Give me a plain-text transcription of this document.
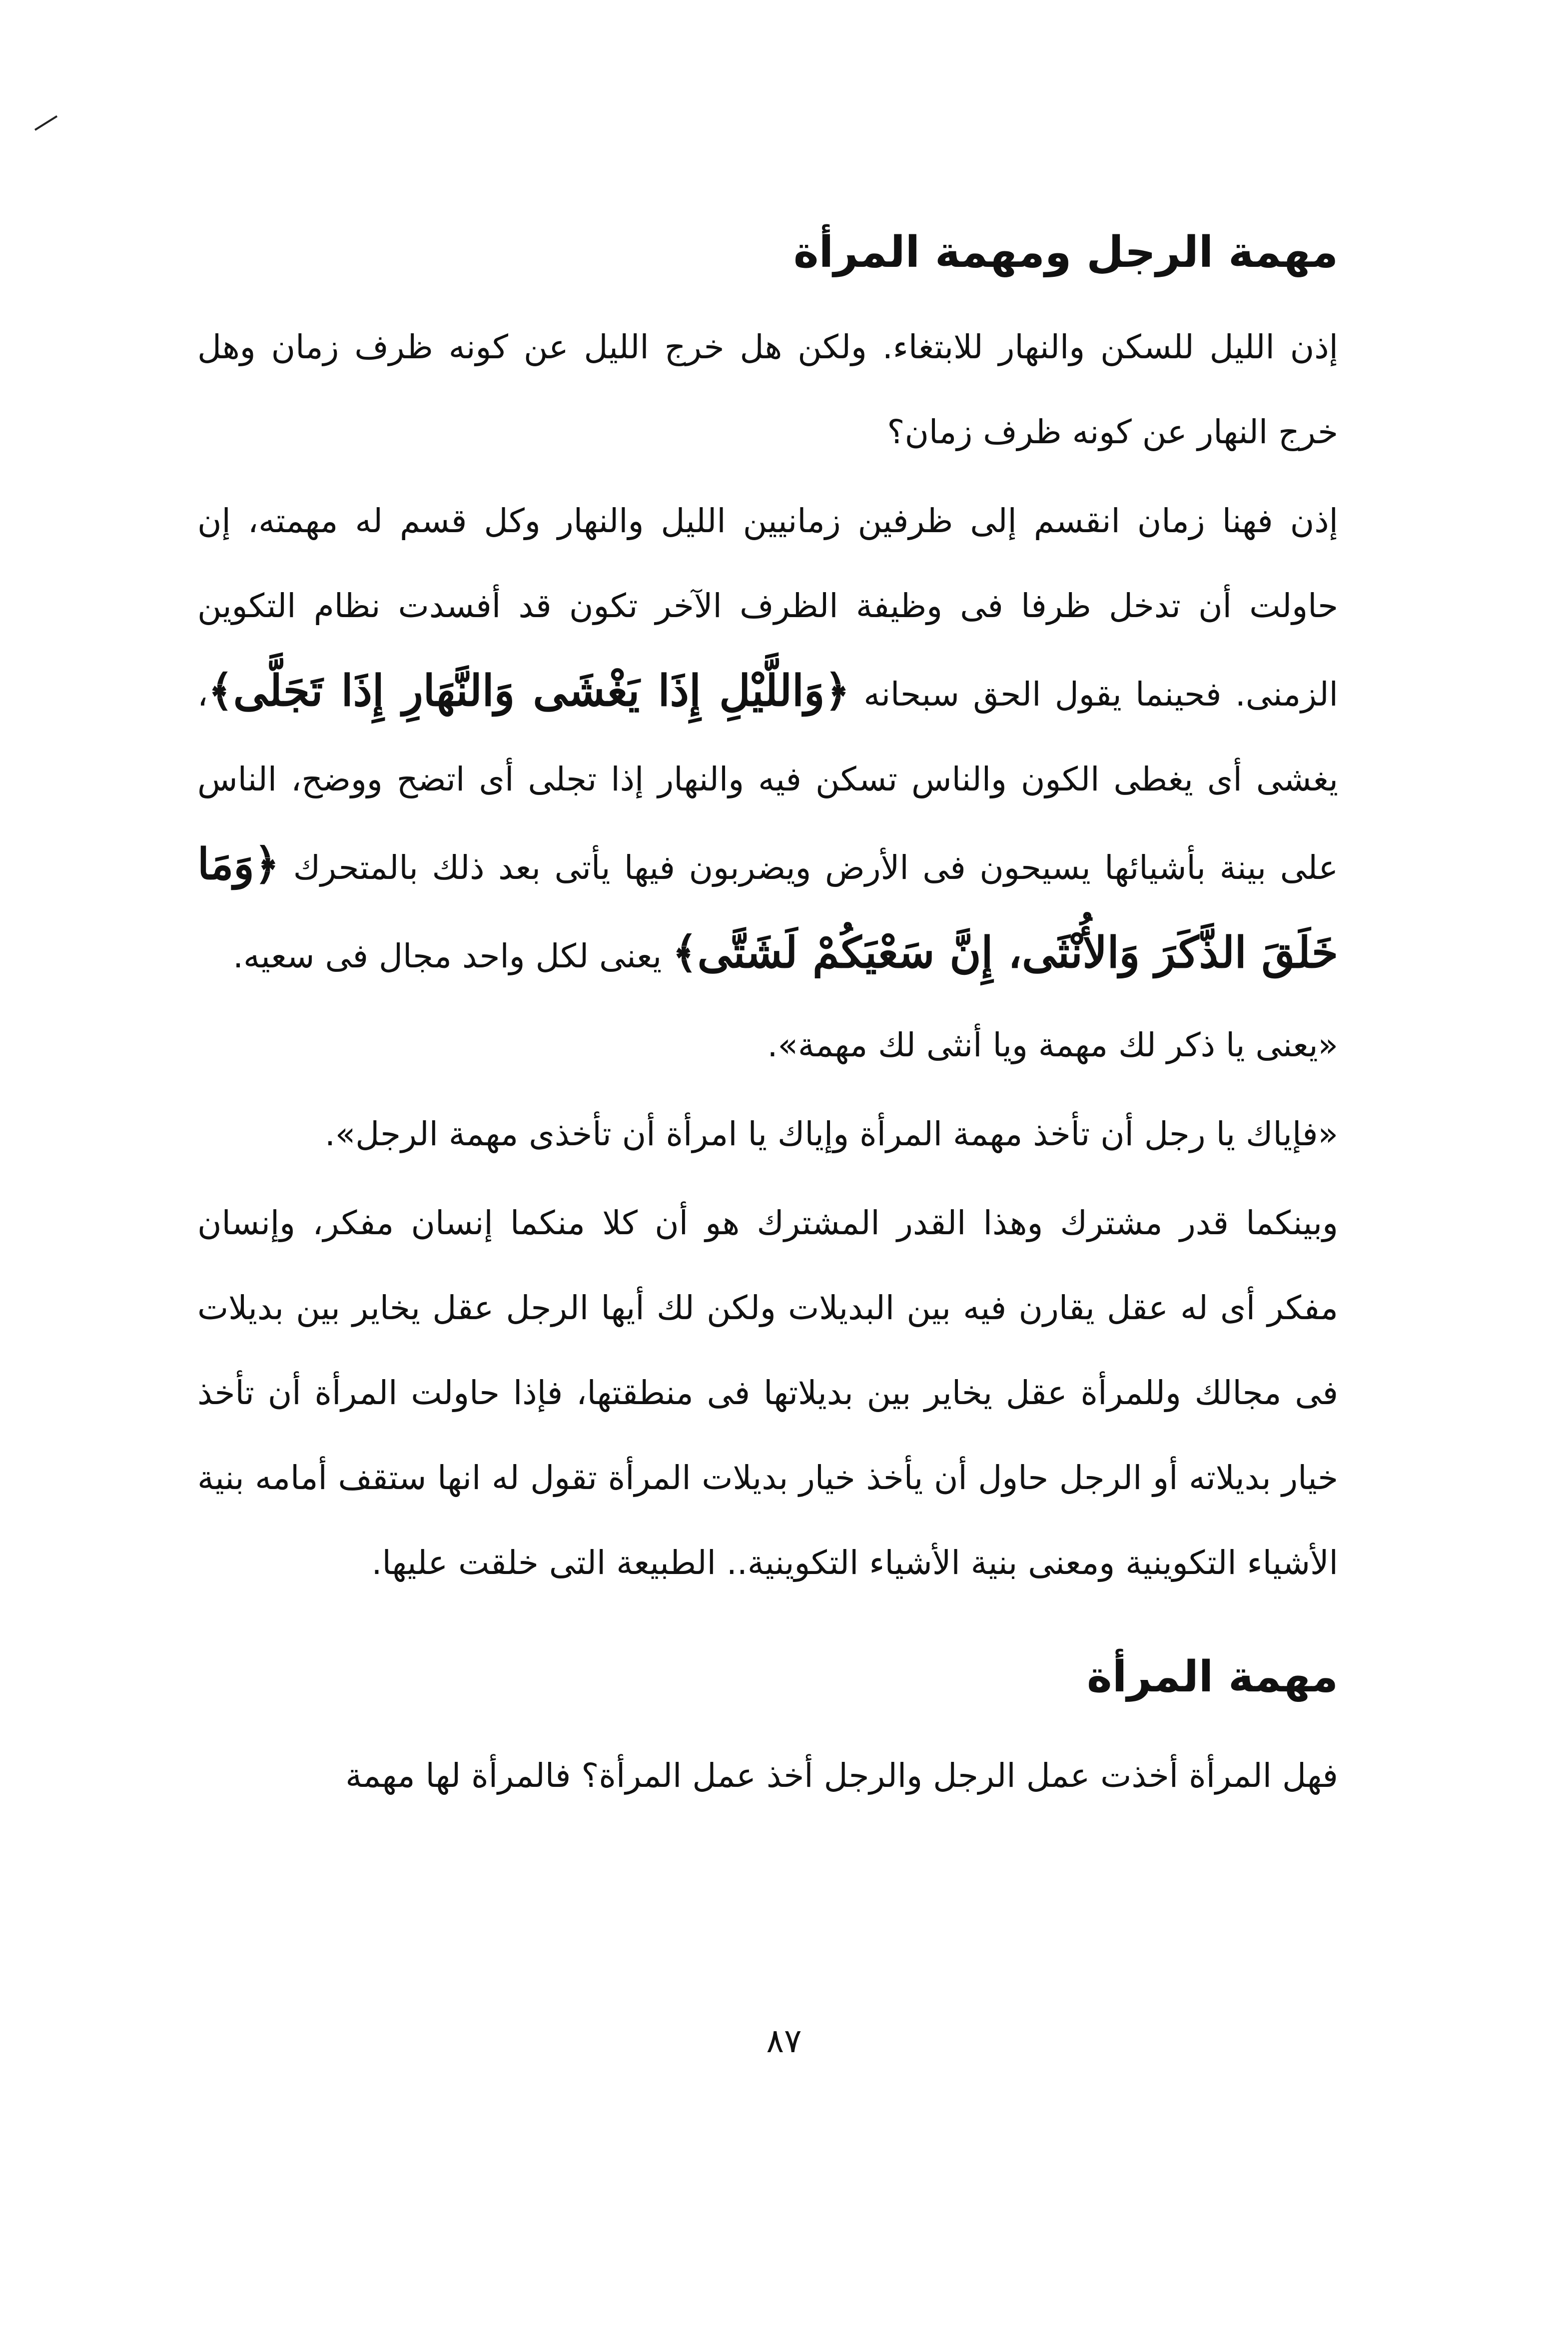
مهمة الرجل ومهمة المرأة

إذن الليل للسكن والنهار للابتغاء. ولكن هل خرج الليل عن كونه ظرف زمان وهل خرج النهار عن كونه ظرف زمان؟

إذن فهنا زمان انقسم إلى ظرفين زمانيين الليل والنهار وكل قسم له مهمته، إن حاولت أن تدخل ظرفا فى وظيفة الظرف الآخر تكون قد أفسدت نظام التكوين الزمنى. فحينما يقول الحق سبحانه ﴿وَاللَّيْلِ إِذَا يَغْشَى وَالنَّهَارِ إِذَا تَجَلَّى﴾، يغشى أى يغطى الكون والناس تسكن فيه والنهار إذا تجلى أى اتضح ووضح، الناس على بينة بأشيائها يسيحون فى الأرض ويضربون فيها يأتى بعد ذلك بالمتحرك ﴿وَمَا خَلَقَ الذَّكَرَ وَالأُنْثَى، إِنَّ سَعْيَكُمْ لَشَتَّى﴾ يعنى لكل واحد مجال فى سعيه.

«يعنى يا ذكر لك مهمة ويا أنثى لك مهمة».

«فإياك يا رجل أن تأخذ مهمة المرأة وإياك يا امرأة أن تأخذى مهمة الرجل».

وبينكما قدر مشترك وهذا القدر المشترك هو أن كلا منكما إنسان مفكر، وإنسان مفكر أى له عقل يقارن فيه بين البديلات ولكن لك أيها الرجل عقل يخاير بين بديلات فى مجالك وللمرأة عقل يخاير بين بديلاتها فى منطقتها، فإذا حاولت المرأة أن تأخذ خيار بديلاته أو الرجل حاول أن يأخذ خيار بديلات المرأة تقول له انها ستقف أمامه بنية الأشياء التكوينية ومعنى بنية الأشياء التكوينية.. الطبيعة التى خلقت عليها.

مهمة المرأة

فهل المرأة أخذت عمل الرجل والرجل أخذ عمل المرأة؟ فالمرأة لها مهمة

٨٧
